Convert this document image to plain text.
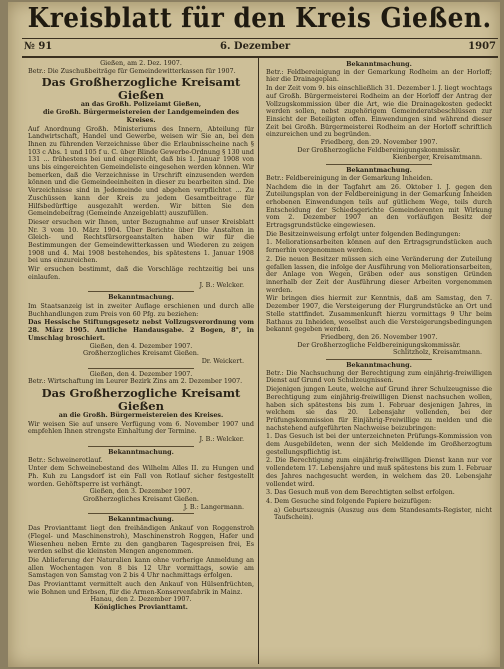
Kreisblatt für den Kreis Gießen.
№ 91	6. Dezember	1907
Gießen, am 2. Dez. 1907.
Betr.: Die Zuschußbeiträge für Gemeindewitterkassen für 1907.
Das Großherzogliche Kreisamt Gießen
an das Großh. Polizeiamt Gießen,
die Großh. Bürgermeistereien der Landgemeinden des Kreises.
Auf Anordnung Großh. Ministeriums des Innern, Abteilung für Landwirtschaft, Handel und Gewerbe, weisen wir Sie an, bei den Ihnen zu führenden Verzeichnisse über die Erlaubnisscheine nach § 103 c Abs. 1 und 105 f u. C. über Blinde Gewerbe-Ordnung § 130 und 131 ... frühestens bei und eingereicht, daß bis 1. Januar 1908 von uns bis eingereichten Gemeindeliste eingesehen werden können. Wir bemerken, daß die Verzeichnisse in Urschrift einzusenden werden können und die Gemeindeeinheiten in dieser zu bearbeiten sind. Die Verzeichnisse sind in Jedemeinde und abgehen verpflichtet ... Zu Zuschüssen kann der Kreis zu jedem Gesamtbeitrage für Hilfsbedürftige ausgezahlt werden. Wir bitten Sie den Gemeindebeitrag (Gemeinde Anzeigeblatt) auszufüllen.
Dieser ersuchen wir Ihnen, unter Bezugnahme auf unser Kreisblatt Nr. 3 vom 10. März 1904. Über Berichte über Die Anstalten in Gleich- und Rechtsfürsorgeanstalten haben wir für die Bestimmungen der Gemeindewitterkassen und Wiederen zu zeigen 1908 und 4. Mai 1908 bestehendes, bis spätestens 1. Januar 1908 bei uns einzureichen.
Wir ersuchen bestimmt, daß die Vorschläge rechtzeitig bei uns einlaufen.
J. B.: Welcker.
Bekanntmachung.
Im Staatsanzeig ist in zweiter Auflage erschienen und durch alle Buchhandlungen zum Preis von 60 Pfg. zu beziehen:
Das Hessische Stiftungsgesetz nebst Vollzugsverordnung vom 28. März 1905. Amtliche Handausgabe. 2 Bogen, 8°, in Umschlag broschiert.
Gießen, den 4. Dezember 1907.
Großherzogliches Kreisamt Gießen.
Dr. Weickert.
Gießen, den 4. Dezember 1907.
Betr.: Wirtschaftung im Leurer Bezirk Zins am 2. Dezember 1907.
Das Großherzogliche Kreisamt Gießen
an die Großh. Bürgermeistereien des Kreises.
Wir weisen Sie auf unsere Verfügung vom 6. November 1907 und empfehlen Ihnen strengste Einhaltung der Termine.
J. B.: Welcker.
Bekanntmachung.
Betr.: Schweinerotlauf.
Unter dem Schweinebestand des Wilhelm Alles II. zu Hungen und Ph. Kuh zu Langsdorf ist ein Fall von Rotlauf sicher festgestellt worden. Gehöftsperre ist verhängt.
Gießen, den 3. Dezember 1907.
Großherzogliches Kreisamt Gießen.
J. B.: Langermann.
Bekanntmachung.
Das Provianttamt liegt den freihändigen Ankauf von Roggenstroh (Flegel- und Maschinenstroh), Maschinenstroh Roggen, Hafer und Wiesenheu neben Ernte zu den gangbaren Tagespreisen frei, Es werden selbst die kleinsten Mengen angenommen.
Die Ablieferung der Naturalien kann ohne vorherige Anmeldung an allen Wochentagen von 8 bis 12 Uhr vormittags, sowie am Samstagen von Samstag von 2 bis 4 Uhr nachmittags erfolgen.
Das Provianttamt vermittelt auch den Ankauf von Hülsenfrüchten, wie Bohnen und Erbsen, für die Armen-Konservenfabrik in Mainz.
Hanau, den 2. Dezember 1907.
Königliches Provianttamt.
Bekanntmachung.
Betr.: Feldbereinigung in der Gemarkung Rodheim an der Horloff; hier die Drainageplan.
In der Zeit vom 9. bis einschließlich 31. Dezember l. J. liegt wochtags auf Großh. Bürgermeisterei Rodheim an der Horloff der Antrag der Vollzugskommission über die Art, wie die Drainagekosten gedeckt werden sollen, nebst zugehörigem Gemeinderatsbeschlüssen zur Einsicht der Beteiligten offen. Einwendungen sind während dieser Zeit bei Großh. Bürgermeisterei Rodheim an der Horloff schriftlich einzureichen und zu begründen.
Friedberg, den 29. November 1907.
Der Großherzogliche Feldbereinigungskommissär.
Kienberger, Kreisamtmann.
Bekanntmachung.
Betr.: Feldbereinigung in der Gemarkung Inheiden.
Nachdem die in der Tagfahrt am 26. Oktober l. J. gegen den Zuteilungsplan von der Feldbereinigung in der Gemarkung Inheiden erhobenen Einwendungen teils auf gütlichem Wege, teils durch Entscheidung der Schiedsgerichte Gemeinderenten mit Wirkung vom 2. Dezember 1907 an den vorläufigen Besitz der Ertragsgrundstücke eingewiesen.
Die Besitzeinweisung erfolgt unter folgenden Bedingungen:
1. Meliorationsarbeiten können auf den Ertragsgrundstücken auch fernerhin vorgenommen werden.
2. Die neuen Besitzer müssen sich eine Veränderung der Zuteilung gefallen lassen, die infolge der Ausführung von Meliorationsarbeiten, der Anlage von Wegen, Gräben oder aus sonstigen Gründen innerhalb der Zeit der Ausführung dieser Arbeiten vorgenommen werden.
Wir bringen dies hiermit zur Kenntnis, daß am Samstag, den 7. Dezember 1907, die Versteigerung der Flurgrundstücke an Ort und Stelle stattfindet. Zusammenkunft hierzu vormittags 9 Uhr beim Rathaus zu Inheiden, woselbst auch die Versteigerungsbedingungen bekannt gegeben werden.
Friedberg, den 26. November 1907.
Der Großherzogliche Feldbereinigungskommissär.
Schlitzholz, Kreisamtmann.
Bekanntmachung.
Betr.: Die Nachsuchung der Berechtigung zum einjährig-freiwilligen Dienst auf Grund von Schulzeugnissen.
Diejenigen jungen Leute, welche auf Grund ihrer Schulzeugnisse die Berechtigung zum einjährig-freiwilligen Dienst nachsuchen wollen, haben sich spätestens bis zum 1. Februar desjenigen Jahres, in welchem sie das 20. Lebensjahr vollenden, bei der Prüfungskommission für Einjährig-Freiwillige zu melden und die nachstehend aufgeführten Nachweise beizubringen:
1. Das Gesuch ist bei der unterzeichneten Prüfungs-Kommission von dem Ausgebildeten, wenn der sich Meldende im Großherzogtum gestellungspflichtig ist.
2. Die Berechtigung zum einjährig-freiwilligen Dienst kann nur vor vollendetem 17. Lebensjahre und muß spätestens bis zum 1. Februar des Jahres nachgesucht werden, in welchem das 20. Lebensjahr vollendet wird.
3. Das Gesuch muß von dem Berechtigten selbst erfolgen.
4. Dem Gesuche sind folgende Papiere beizufügen:
a) Geburtszeugnis (Auszug aus dem Standesamts-Register, nicht Taufschein).
